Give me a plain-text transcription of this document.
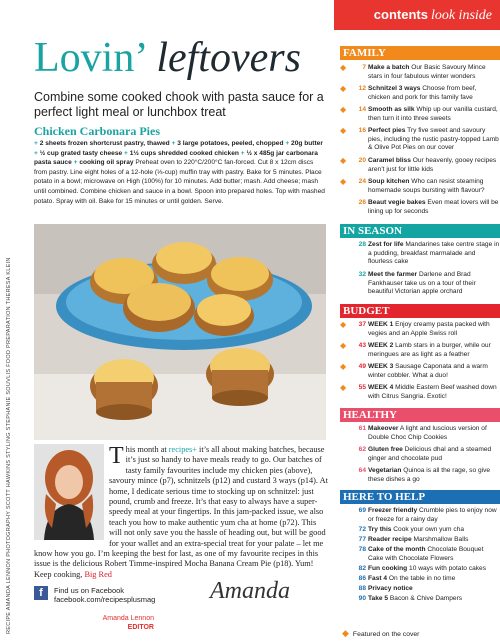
RECIPE AMANDA LENNON PHOTOGRAPHY SCOTT HAWKINS STYLING STEPHANIE SOUVLIS FOOD PREPARATION THERESA KLEIN
Lovin’ leftovers
Combine some cooked chook with pasta sauce for a perfect light meal or lunchbox treat
Chicken Carbonara Pies
+ 2 sheets frozen shortcrust pastry, thawed + 3 large potatoes, peeled, chopped + 20g butter + ½ cup grated tasty cheese + 1½ cups shredded cooked chicken + ½ x 485g jar carbonara pasta sauce + cooking oil spray Preheat oven to 220°C/200°C fan-forced. Cut 8 x 12cm discs from pastry. Line eight holes of a 12-hole (⅓-cup) muffin tray with pastry. Bake for 5 minutes. Place potato in a bowl; microwave on High (100%) for 10 minutes. Add butter; mash. Add cheese; mash until combined. Combine chicken and sauce in a bowl. Spoon into prepared holes. Top with mashed potato. Spray with oil. Bake for 15 minutes or until golden. Serve.
This month at recipes+ it’s all about making batches, because it’s just so handy to have meals ready to go. Our batches of tasty family favourites include my chicken pies (above), savoury mince (p7), schnitzels (p12) and custard 3 ways (p14). At home, I dedicate serious time to stocking up on schnitzel: just pound, crumb and freeze. It’s that easy to always have a super-speedy meal at your fingertips. In this jam-packed issue, we also teach you how to make authentic yum cha at home (p72). This will not only save you the hassle of heading out, but will be good for your wallet and an extra-special treat for your palate – let me know how you go. I’m keeping the best for last, as one of my favourite recipes in this issue is the delicious Robert Timme-inspired Mocha Banana Cream Pie (p18). Yum! Keep cooking, Big Red
f	Find us on Facebook
facebook.com/recipesplusmag Amanda
Amanda Lennon
EDITOR
contents look inside
FAMILY
◆	7 Make a batch Our Basic Savoury Mince stars in four fabulous winter wonders
◆	12 Schnitzel 3 ways Choose from beef, chicken and pork for this family fave
◆	14 Smooth as silk Whip up our vanilla custard, then turn it into three sweets
◆	16 Perfect pies Try five sweet and savoury pies, including the rustic pastry-topped Lamb & Olive Pot Pies on our cover
◆	20 Caramel bliss Our heavenly, gooey recipes aren’t just for little kids
◆	24 Soup kitchen Who can resist steaming homemade soups bursting with flavour?
26 Beaut vegie bakes Even meat lovers will be lining up for seconds
IN SEASON
28 Zest for life Mandarines take centre stage in a pudding, breakfast marmalade and flourless cake
32 Meet the farmer Darlene and Brad Fankhauser take us on a tour of their beautiful Victorian apple orchard
BUDGET
◆	37 WEEK 1 Enjoy creamy pasta packed with vegies and an Apple Swiss roll
◆	43 WEEK 2 Lamb stars in a burger, while our meringues are as light as a feather
◆	49 WEEK 3 Sausage Caponata and a warm winter cobbler. What a duo!
◆	55 WEEK 4 Middle Eastern Beef washed down with Citrus Sangria. Exotic!
HEALTHY
61 Makeover A light and luscious version of Double Choc Chip Cookies
62 Gluten free Delicious dhal and a steamed ginger and chocolate pud
64 Vegetarian Quinoa is all the rage, so give these dishes a go
HERE TO HELP
69 Freezer friendly Crumble pies to enjoy now or freeze for a rainy day
72 Try this Cook your own yum cha
77 Reader recipe Marshmallow Balls
78 Cake of the month Chocolate Bouquet Cake with Chocolate Flowers
82 Fun cooking 10 ways with potato cakes
86 Fast 4 On the table in no time
88 Privacy notice
90 Take 5 Bacon & Chive Dampers
◆ Featured on the cover
